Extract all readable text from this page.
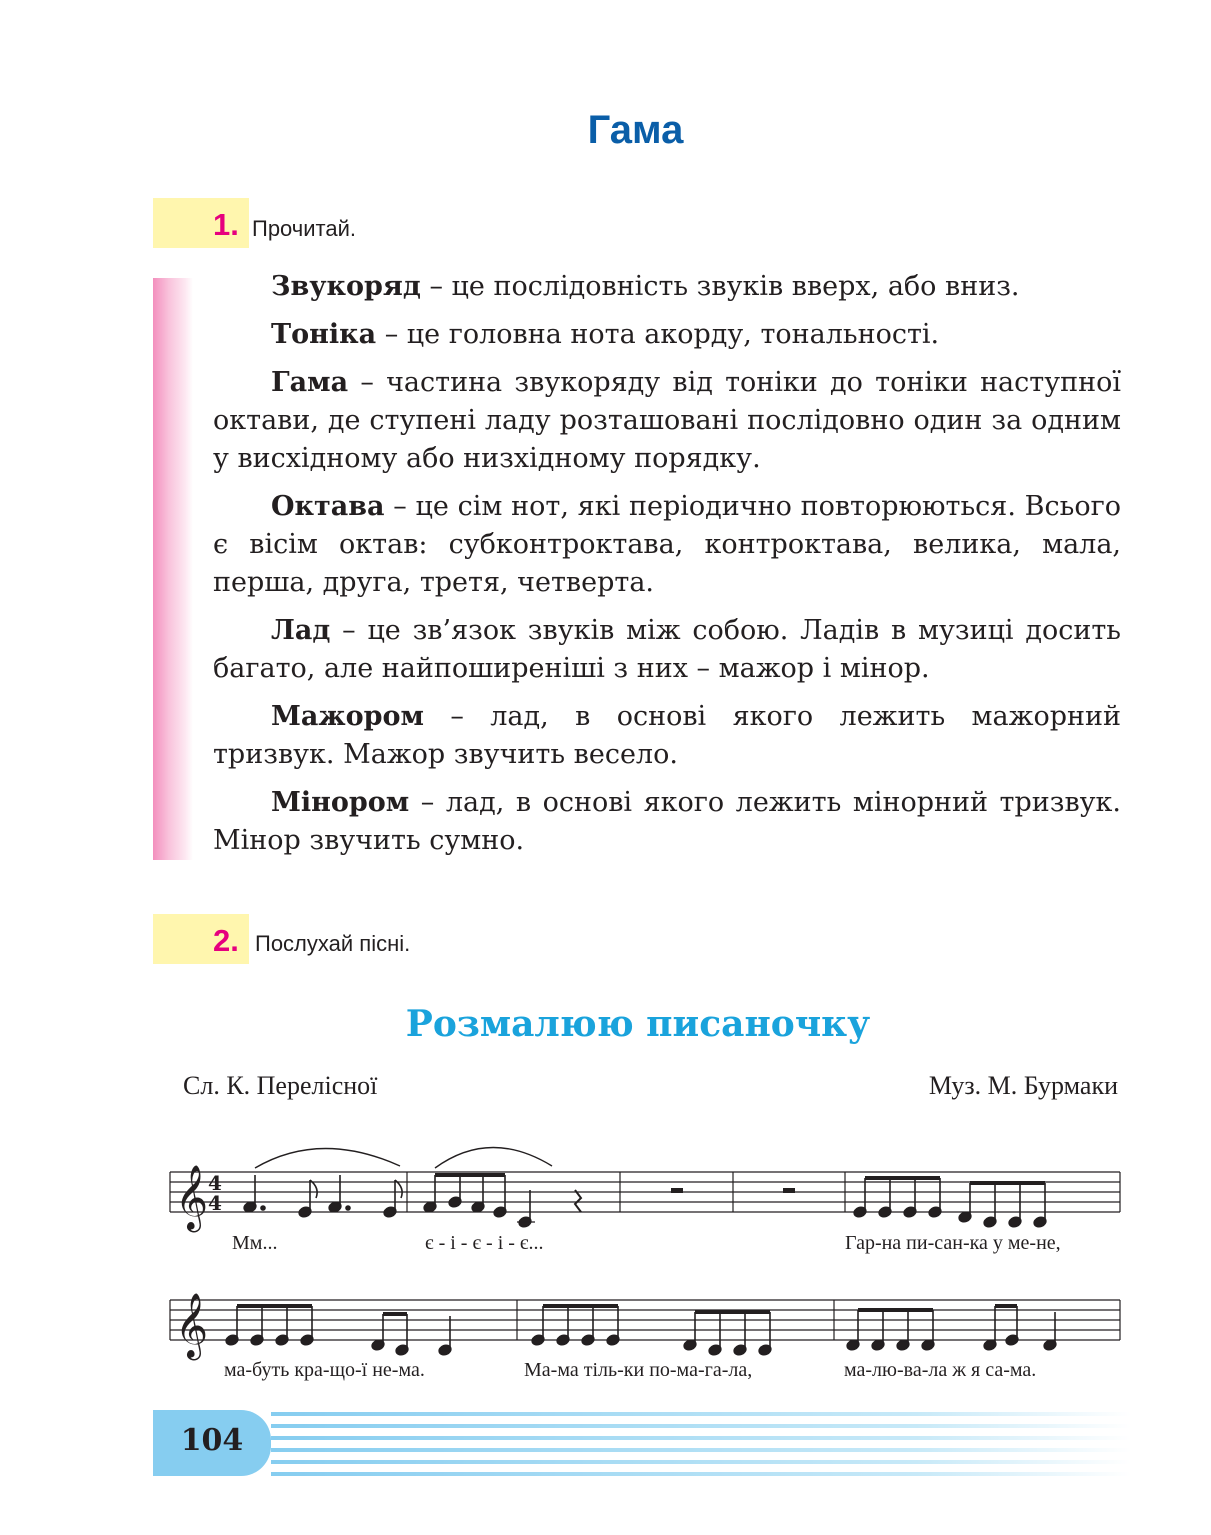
Гама
1. Прочитай.

Звукоряд – це послідовність звуків вверх, або вниз.

Тоніка – це головна нота акорду, тональності.

Гама – частина звукоряду від тоніки до тоніки наступної октави, де ступені ладу розташовані послідовно один за одним у висхідному або низхідному порядку.

Октава – це сім нот, які періодично повторюються. Всього є вісім октав: субконтроктава, контроктава, велика, мала, перша, друга, третя, четверта.

Лад – це зв’язок звуків між собою. Ладів в музиці досить багато, але найпоширеніші з них – мажор і мінор.

Мажором – лад, в основі якого лежить мажорний тризвук. Мажор звучить весело.

Мінором – лад, в основі якого лежить мінорний тризвук. Мінор звучить сумно.

2. Послухай пісні.
Розмалюю писаночку
Сл. К. Перелісної	Муз. М. Бурмаки
𝄞 4
4
𝄞
Мм...	є - і - є - і - є...	Гар-на пи-сан-ка у ме-не,
ма-буть кра-щo-ї не-ма.	Ма-ма тіль-ки по-ма-га-ла,	ма-лю-ва-ла ж я са-ма.
104
